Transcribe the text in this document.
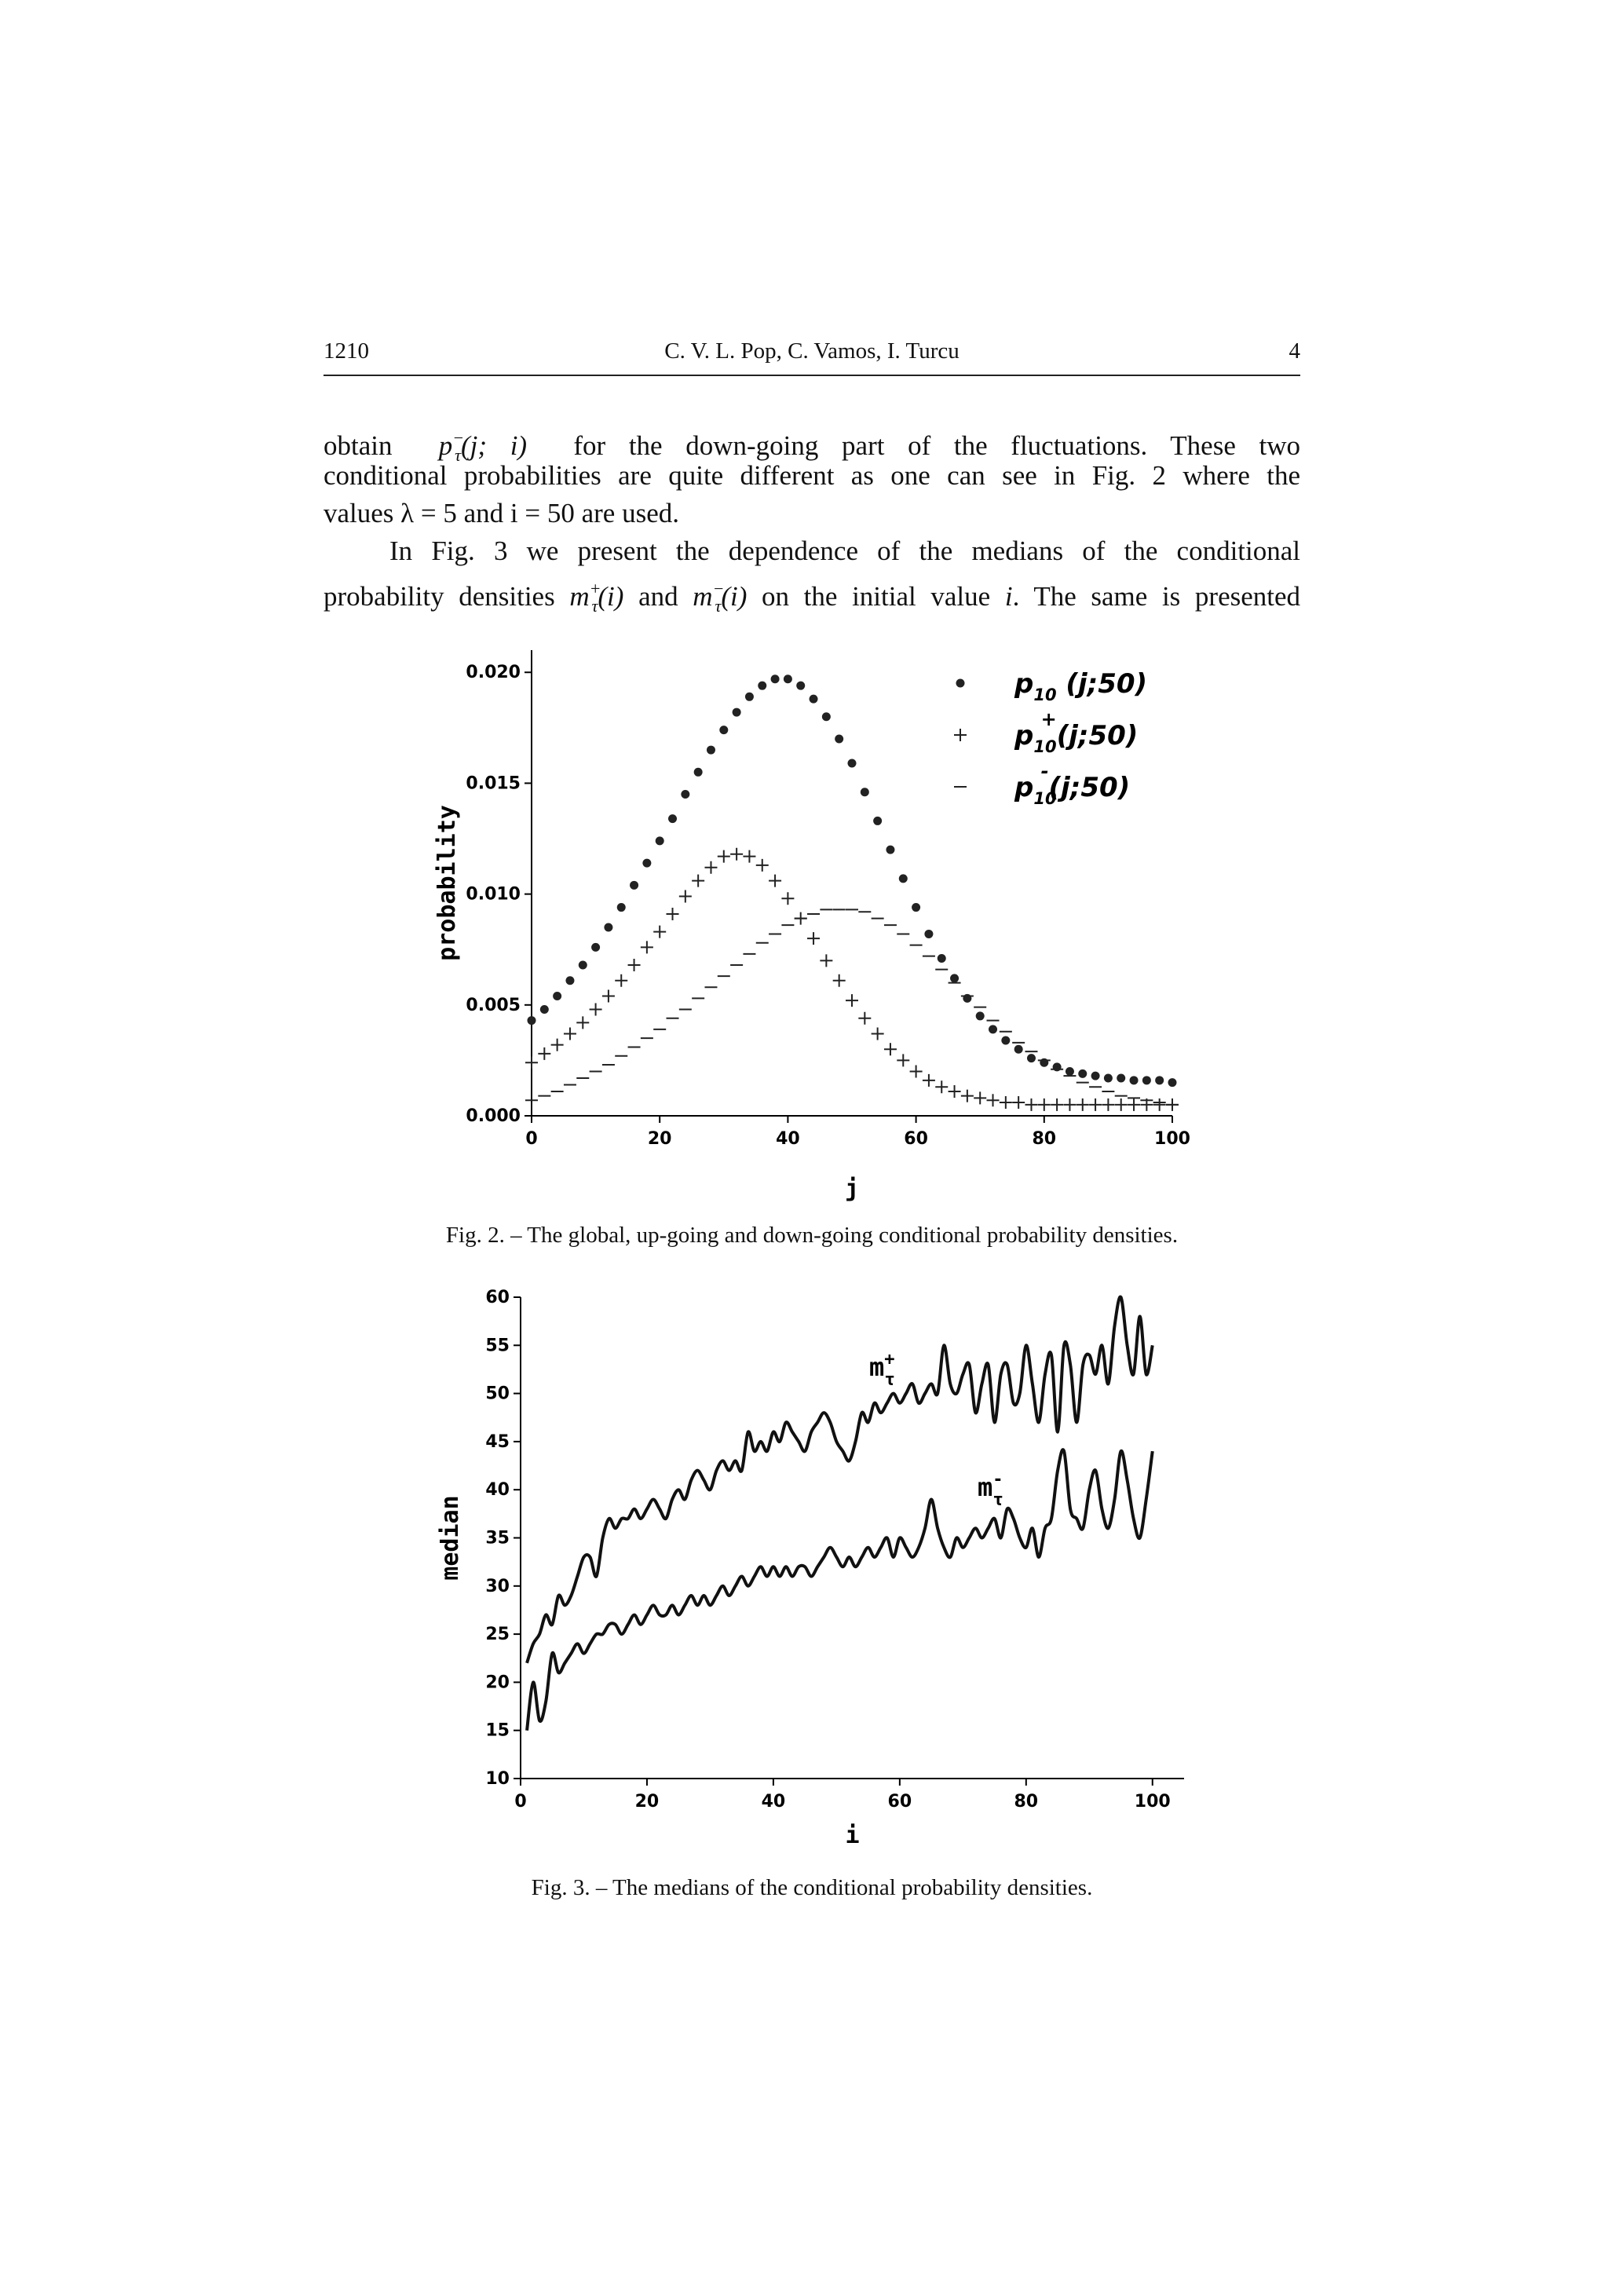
1210	C. V. L. Pop, C. Vamos, I. Turcu	4
obtain $p^-_\tau(j$; i) for the down-going part of the fluctuations. These two
conditional probabilities are quite different as one can see in Fig. 2 where the
values λ = 5 and i = 50 are used.
In Fig. 3 we present the dependence of the medians of the conditional
probability densities $m^+_\tau(i)$ and $m^-_\tau(i)$ on the initial value i. The same is presented
0.000
0.005
0.010
0.015
0.020
0	20	40	60	80	100
j
probability
$p_{10}$ (j;50)
$p_{10}+(j;50)$
$p_{10}-(j;50)$
Fig. 2. – The global, up-going and down-going conditional probability densities.
10
15
20
25
30
35
40
45
50
55
60
0	20	40	60	80	100
i
median
m+ τ
m-τ
Fig. 3. – The medians of the conditional probability densities.
